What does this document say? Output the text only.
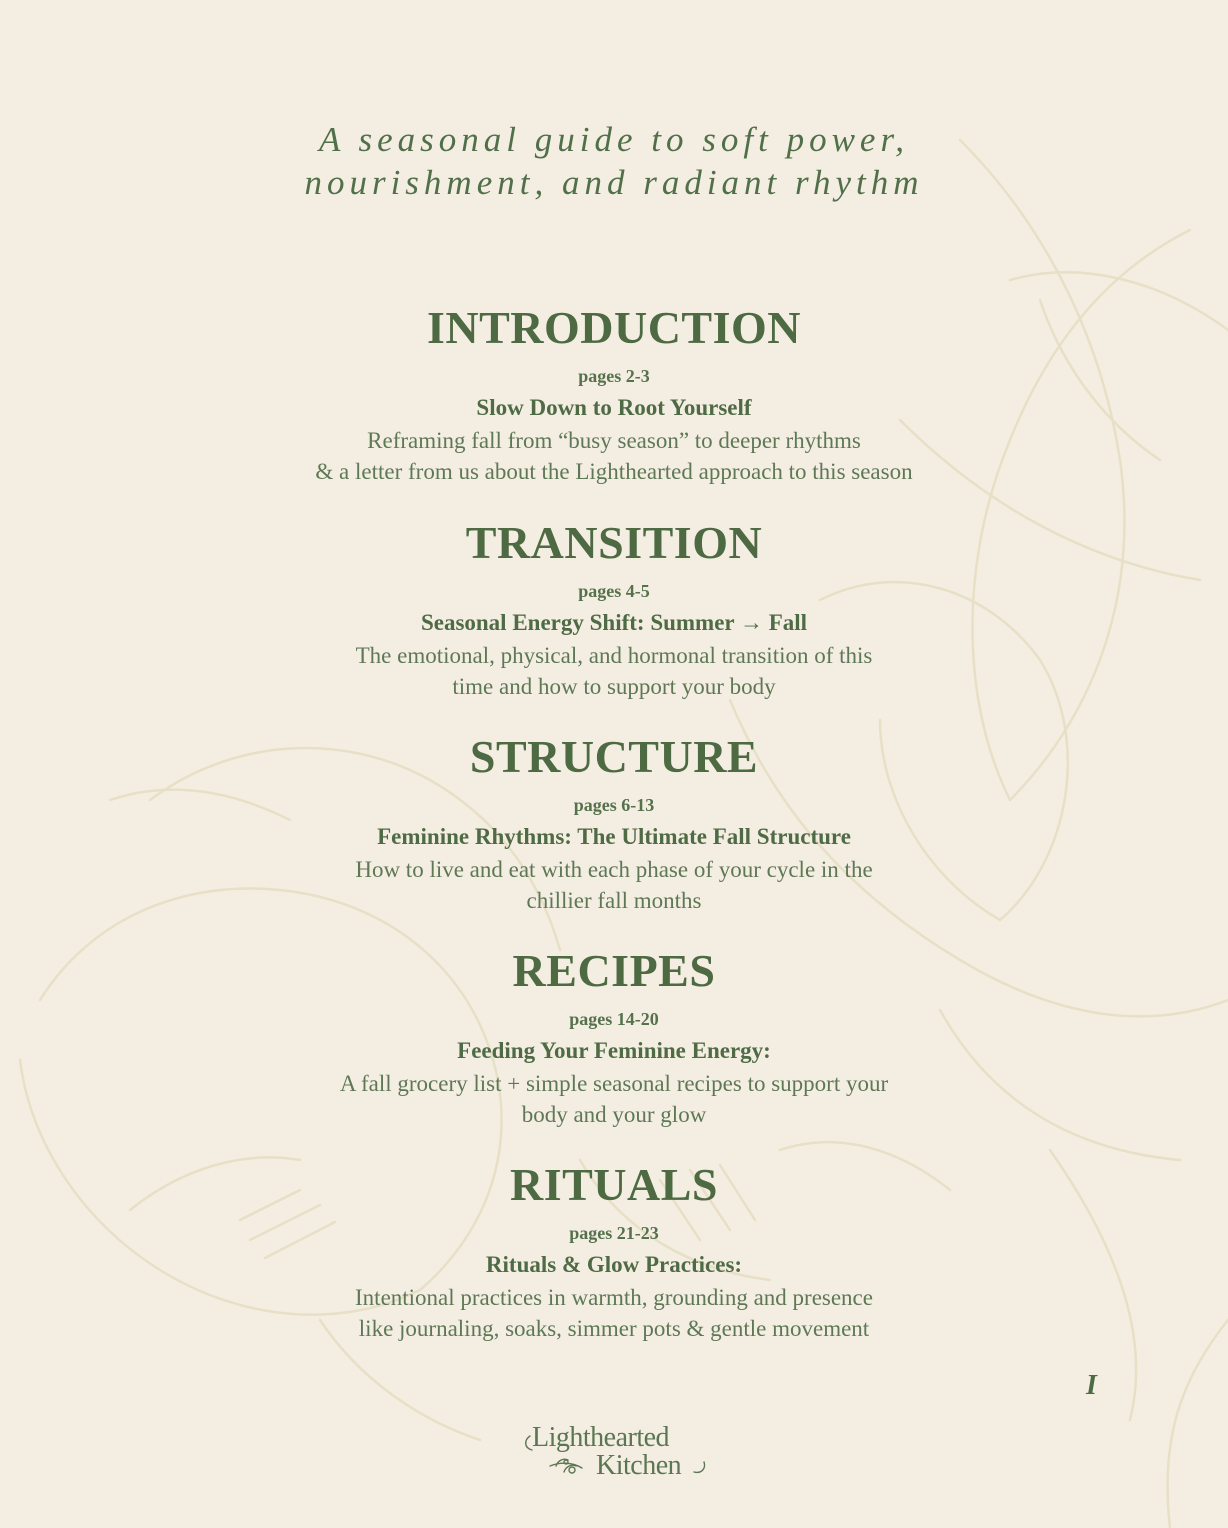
A seasonal guide to soft power,
nourishment, and radiant rhythm
INTRODUCTION
pages 2-3
Slow Down to Root Yourself
Reframing fall from “busy season” to deeper rhythms
& a letter from us about the Lighthearted approach to this season
TRANSITION
pages 4-5
Seasonal Energy Shift: Summer → Fall
The emotional, physical, and hormonal transition of this
time and how to support your body
STRUCTURE
pages 6-13
Feminine Rhythms: The Ultimate Fall Structure
How to live and eat with each phase of your cycle in the
chillier fall months
RECIPES
pages 14-20
Feeding Your Feminine Energy:
A fall grocery list + simple seasonal recipes to support your
body and your glow
RITUALS
pages 21-23
Rituals & Glow Practices:
Intentional practices in warmth, grounding and presence
like journaling, soaks, simmer pots & gentle movement
I
Lighthearted
Kitchen
